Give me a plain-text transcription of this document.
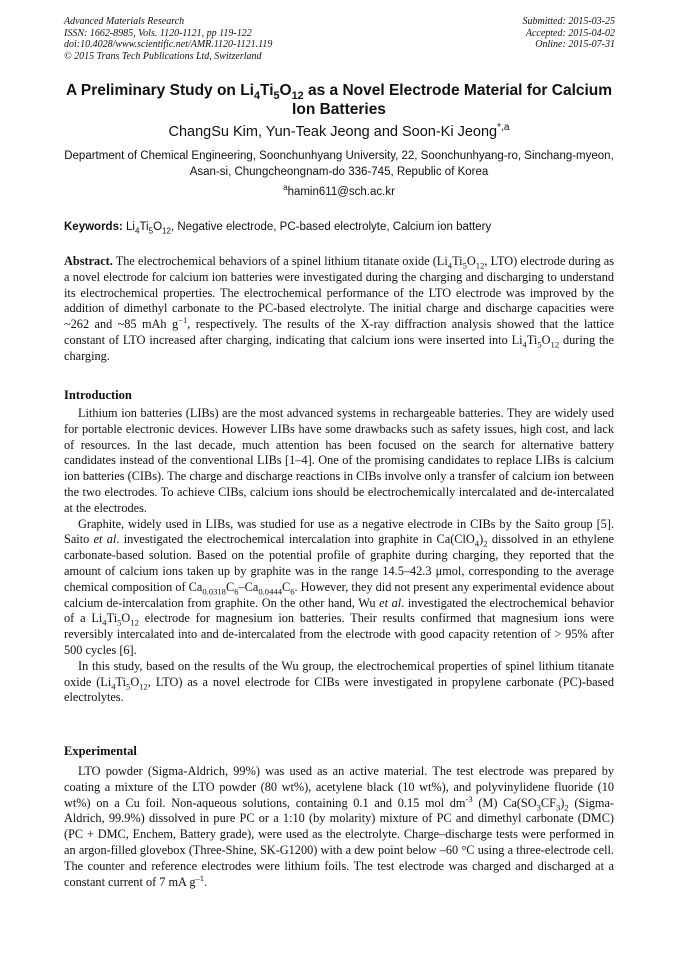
Advanced Materials Research
ISSN: 1662-8985, Vols. 1120-1121, pp 119-122
doi:10.4028/www.scientific.net/AMR.1120-1121.119
© 2015 Trans Tech Publications Ltd, Switzerland
Submitted: 2015-03-25
Accepted: 2015-04-02
Online: 2015-07-31
A Preliminary Study on $Li_4Ti_5O_{12}$ as a Novel Electrode Material for Calcium Ion Batteries
ChangSu Kim, Yun-Teak Jeong and Soon-Ki Jeong$^{*,a}$
Department of Chemical Engineering, Soonchunhyang University, 22, Soonchunhyang-ro, Sinchang-myeon, Asan-si, Chungcheongnam-do 336-745, Republic of Korea
$^a$hamin611@sch.ac.kr
Keywords: $Li_4Ti_5O_{12}$, Negative electrode, PC-based electrolyte, Calcium ion battery

Abstract. The electrochemical behaviors of a spinel lithium titanate oxide ($Li_4Ti_5O_{12}$, LTO) electrode during as a novel electrode for calcium ion batteries were investigated during the charging and discharging to understand its electrochemical properties. The electrochemical performance of the LTO electrode was improved by the addition of dimethyl carbonate to the PC-based electrolyte. The initial charge and discharge capacities were ~262 and ~85 mAh $g^{-1}$, respectively. The results of the X-ray diffraction analysis showed that the lattice constant of LTO increased after charging, indicating that calcium ions were inserted into $Li_4Ti_5O_{12}$ during the charging.

Introduction

Lithium ion batteries (LIBs) are the most advanced systems in rechargeable batteries. They are widely used for portable electronic devices. However LIBs have some drawbacks such as safety issues, high cost, and lack of resources. In the last decade, much attention has been focused on the search for alternative battery candidates instead of the conventional LIBs [1–4]. One of the promising candidates to replace LIBs is calcium ion batteries (CIBs). The charge and discharge reactions in CIBs involve only a transfer of calcium ion between the two electrodes. To achieve CIBs, calcium ions should be electrochemically intercalated and de-intercalated at the electrodes.

Graphite, widely used in LIBs, was studied for use as a negative electrode in CIBs by the Saito group [5]. Saito et al. investigated the electrochemical intercalation into graphite in $Ca(ClO_4)_2$ dissolved in an ethylene carbonate-based solution. Based on the potential profile of graphite during charging, they reported that the amount of calcium ions taken up by graphite was in the range 14.5–42.3 μmol, corresponding to the average chemical composition of $Ca_{0.0318}C_6-Ca_{0.0444}C_6$. However, they did not present any experimental evidence about calcium de-intercalation from graphite. On the other hand, Wu et al. investigated the electrochemical behavior of a $Li_4Ti_5O_{12}$ electrode for magnesium ion batteries. Their results confirmed that magnesium ions were reversibly intercalated into and de-intercalated from the electrode with good capacity retention of > 95% after 500 cycles [6].

In this study, based on the results of the Wu group, the electrochemical properties of spinel lithium titanate oxide ($Li_4Ti_5O_{12}$, LTO) as a novel electrode for CIBs were investigated in propylene carbonate (PC)-based electrolytes.

Experimental

LTO powder (Sigma-Aldrich, 99%) was used as an active material. The test electrode was prepared by coating a mixture of the LTO powder (80 wt%), acetylene black (10 wt%), and polyvinylidene fluoride (10 wt%) on a Cu foil. Non-aqueous solutions, containing 0.1 and 0.15 mol $dm^{-3}$ (M) $Ca(SO_3CF_3)_2$ (Sigma-Aldrich, 99.9%) dissolved in pure PC or a 1:10 (by molarity) mixture of PC and dimethyl carbonate (DMC) (PC + DMC, Enchem, Battery grade), were used as the electrolyte. Charge–discharge tests were performed in an argon-filled glovebox (Three-Shine, SK-G1200) with a dew point below –60 °C using a three-electrode cell. The counter and reference electrodes were lithium foils. The test electrode was charged and discharged at a constant current of 7 mA $g^{-1}$.
